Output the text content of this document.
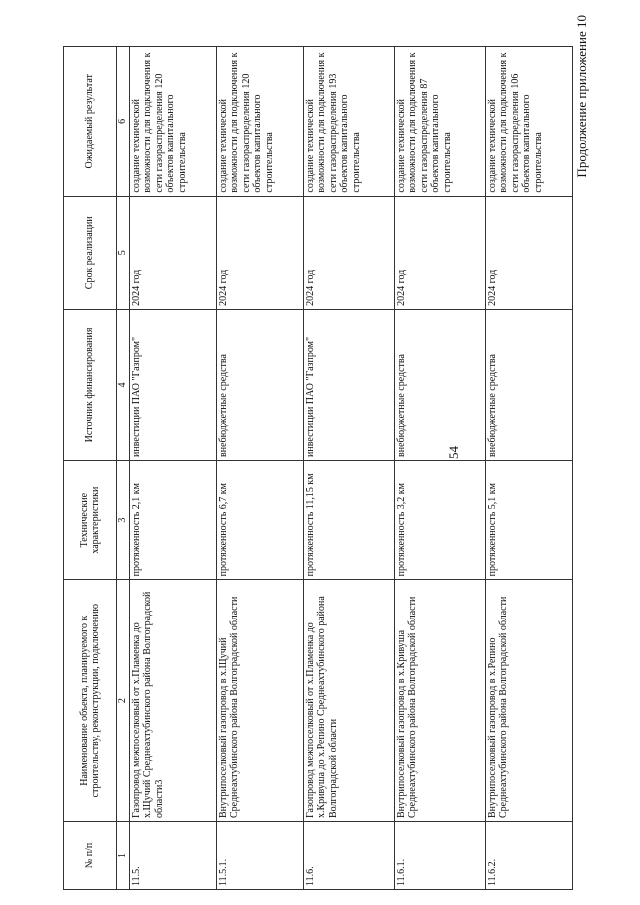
54
Продолжение приложение 10
№ п/п	Наименование объекта, планируемого к строительству, реконструкции, подключению	Технические характеристики	Источник финансирования	Срок реализации	Ожидаемый результат
1	2	3	4	5	6
11.5.	Газопровод межпоселковый от х.Пламенка до х.Щучий Среднеахтубинского района Волгоградской области3	протяженность 2,1 км	инвестиции ПАО "Газпром"	2024 год	создание технической возможности для подключения к сети газораспределения 120 объектов капитального строительства
11.5.1.	Внутрипоселковый газопровод в х.Щучий Среднеахтубинского района Волгоградской области	протяженность 6,7 км	внебюджетные средства	2024 год	создание технической возможности для подключения к сети газораспределения 120 объектов капитального строительства
11.6.	Газопровод межпоселковый от х.Пламенка до х.Кривуша до х.Репино Среднеахтубинского района Волгоградской области	протяженность 11,15 км	инвестиции ПАО "Газпром"	2024 год	создание технической возможности для подключения к сети газораспределения 193 объектов капитального строительства
11.6.1.	Внутрипоселковый газопровод в х.Кривуша Среднеахтубинского района Волгоградской области	протяженность 3,2 км	внебюджетные средства	2024 год	создание технической возможности для подключения к сети газораспределения 87 объектов капитального строительства
11.6.2.	Внутрипоселковый газопровод в х.Репино Среднеахтубинского района Волгоградской области	протяженность 5,1 км	внебюджетные средства	2024 год	создание технической возможности для подключения к сети газораспределения 106 объектов капитального строительства
